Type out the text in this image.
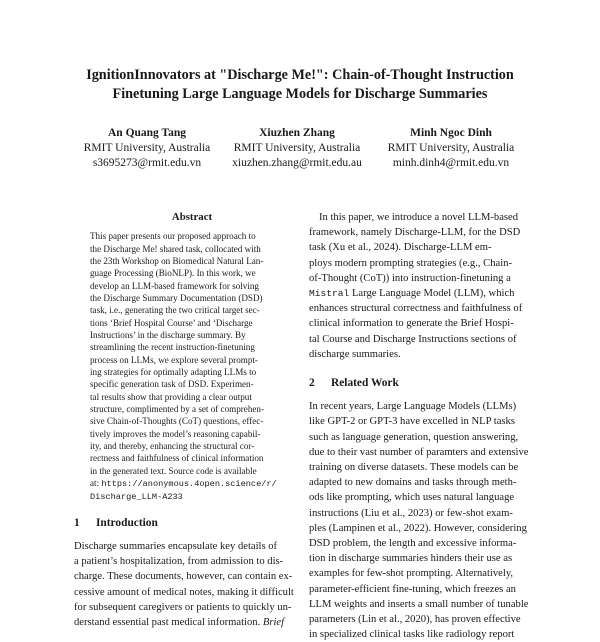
IgnitionInnovators at "Discharge Me!": Chain-of-Thought Instruction
Finetuning Large Language Models for Discharge Summaries
An Quang Tang
RMIT University, Australia
s3695273@rmit.edu.vn
Xiuzhen Zhang
RMIT University, Australia
xiuzhen.zhang@rmit.edu.au
Minh Ngoc Dinh
RMIT University, Australia
minh.dinh4@rmit.edu.vn
Abstract
This paper presents our proposed approach to
the Discharge Me! shared task, collocated with
the 23th Workshop on Biomedical Natural Lan-
guage Processing (BioNLP). In this work, we
develop an LLM-based framework for solving
the Discharge Summary Documentation (DSD)
task, i.e., generating the two critical target sec-
tions ‘Brief Hospital Course’ and ‘Discharge
Instructions’ in the discharge summary. By
streamlining the recent instruction-finetuning
process on LLMs, we explore several prompt-
ing strategies for optimally adapting LLMs to
specific generation task of DSD. Experimen-
tal results show that providing a clear output
structure, complimented by a set of comprehen-
sive Chain-of-Thoughts (CoT) questions, effec-
tively improves the model’s reasoning capabil-
ity, and thereby, enhancing the structural cor-
rectness and faithfulness of clinical information
in the generated text. Source code is available
at: https://anonymous.4open.science/r/
Discharge_LLM-A233
1 Introduction
Discharge summaries encapsulate key details of
a patient’s hospitalization, from admission to dis-
charge. These documents, however, can contain ex-
cessive amount of medical notes, making it difficult
for subsequent caregivers or patients to quickly un-
derstand essential past medical information. Brief
In this paper, we introduce a novel LLM-based
framework, namely Discharge-LLM, for the DSD
task (Xu et al., 2024). Discharge-LLM em-
ploys modern prompting strategies (e.g., Chain-
of-Thought (CoT)) into instruction-finetuning a
Mistral Large Language Model (LLM), which
enhances structural correctness and faithfulness of
clinical information to generate the Brief Hospi-
tal Course and Discharge Instructions sections of
discharge summaries.
2 Related Work
In recent years, Large Language Models (LLMs)
like GPT-2 or GPT-3 have excelled in NLP tasks
such as language generation, question answering,
due to their vast number of paramters and extensive
training on diverse datasets. These models can be
adapted to new domains and tasks through meth-
ods like prompting, which uses natural language
instructions (Liu et al., 2023) or few-shot exam-
ples (Lampinen et al., 2022). However, considering
DSD problem, the length and excessive informa-
tion in discharge summaries hinders their use as
examples for few-shot prompting. Alternatively,
parameter-efficient fine-tuning, which freezes an
LLM weights and inserts a small number of tunable
parameters (Lin et al., 2020), has proven effective
in specialized clinical tasks like radiology report
